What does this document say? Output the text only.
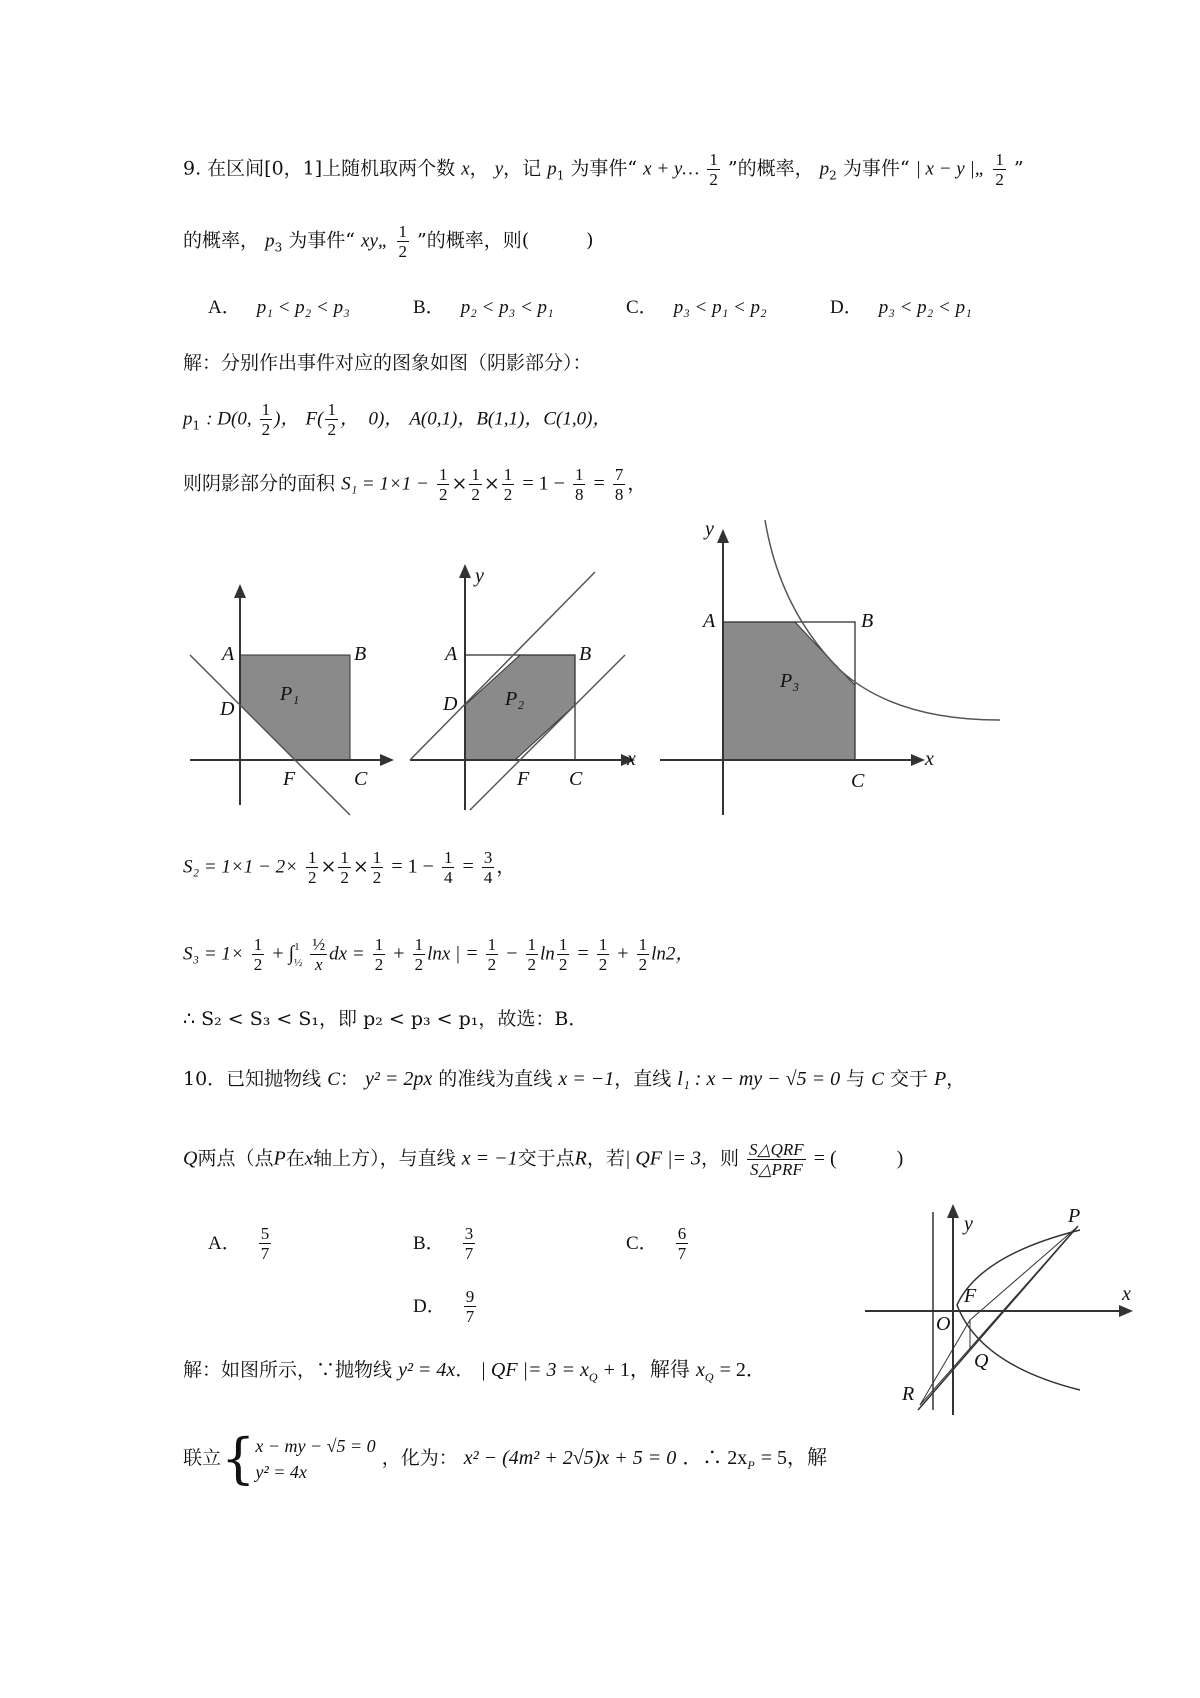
9. 在区间[0，1]上随机取两个数 x， y，记 $p_1$ 为事件“ x + y… $\frac{1}{2}$ ”的概率， $p_2$ 为事件“ | x − y |„ $\frac{1}{2}$ ”
的概率， $p_3$ 为事件“ xy„ $\frac{1}{2}$ ”的概率，则(　　　)
A． p₁ < p₂ < p₃	B． p₂ < p₃ < p₁	C． p₃ < p₁ < p₂	D． p₃ < p₂ < p₁
解：分别作出事件对应的图象如图（阴影部分）：
$p_1$ : D(0, $\frac{1}{2}$ )， $F( \frac{1}{2}$ ，　0)， A(0,1)，B(1,1)，C(1,0)，
则阴影部分的面积 $S_1 = 1\times 1 - \frac{1}{2} \times \frac{1}{2} \times \frac{1}{2} = 1 - \frac{1}{8} = \frac{7}{8}$ ，
A	B
C
D
F
P₁
y
x
A	B
C
D
F
P₂
y
x
A	B
C
P₃
$S_2 = 1\times 1 - 2\times \frac{1}{2} \times \frac{1}{2} \times \frac{1}{2} = 1 - \frac{1}{4} = \frac{3}{4}$ ，
$S_3 = 1\times \frac{1}{2}$ + ∫ 1
½
$\frac{\text{½}}{x}$ dx = $\frac{1}{2} + \frac{1}{2}$ lnx | = $\frac{1}{2} - \frac{1}{2}$ $\ln \frac{1}{2} = \frac{1}{2} + \frac{1}{2} \ln 2$，
∴ S₂ < S₃ < S₁，即 p₂ < p₃ < p₁，故选：B．
10．已知抛物线 C： y² = 2px 的准线为直线 x = −1，直线 l₁ : x − my − √5 = 0 与 C 交于 P，
Q两点（点P在x轴上方），与直线 x = −1交于点R，若| QF |= 3，则 $\frac{\text{S△QRF}}{\text{S△PRF}}$ = (　　　)
A． $\frac{5}{7}$	B． $\frac{3}{7}$	C． $\frac{6}{7}$
D． $\frac{9}{7}$
y
x
P
F
O
Q
R
解：如图所示，∵抛物线 y² = 4x． | QF |= $3 = x_Q + 1$，解得 $x_Q = 2$．
联立{ x − my − √5 = 0
y² = 4x
，化为： x² − (4m² + 2√5)x + 5 = 0 ．∴ $2x_P = 5$，解
